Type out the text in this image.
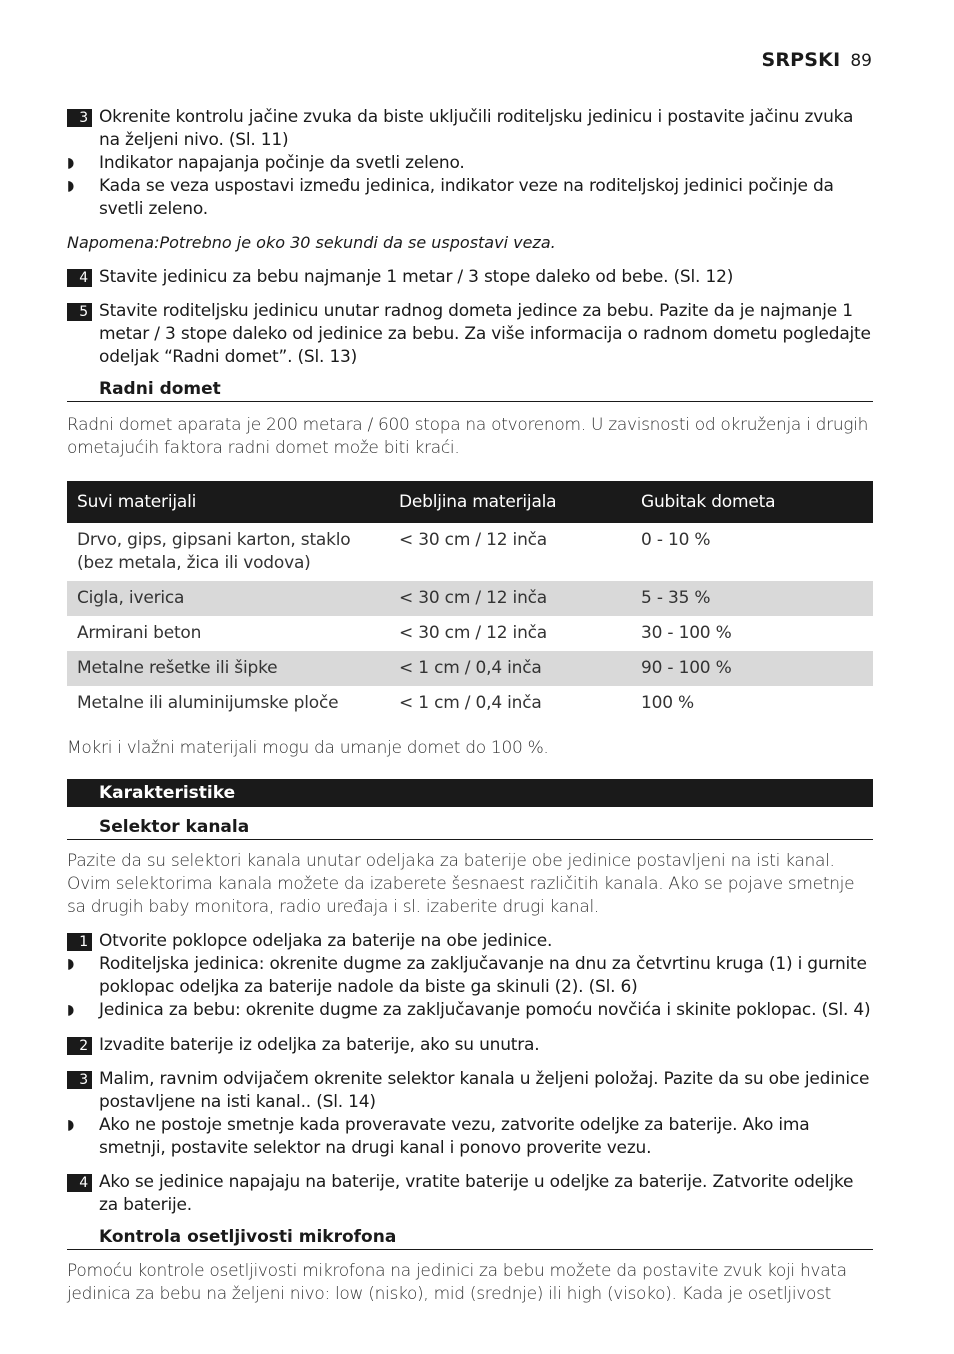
SRPSKI 89
3 Okrenite kontrolu jačine zvuka da biste uključili roditeljsku jedinicu i postavite jačinu zvuka na željeni nivo. (Sl. 11)
◗ Indikator napajanja počinje da svetli zeleno.
◗ Kada se veza uspostavi između jedinica, indikator veze na roditeljskoj jedinici počinje da svetli zeleno.
Napomena:Potrebno je oko 30 sekundi da se uspostavi veza.
4 Stavite jedinicu za bebu najmanje 1 metar / 3 stope daleko od bebe. (Sl. 12)
5 Stavite roditeljsku jedinicu unutar radnog dometa jedince za bebu. Pazite da je najmanje 1 metar / 3 stope daleko od jedinice za bebu. Za više informacija o radnom dometu pogledajte odeljak “Radni domet”. (Sl. 13)
Radni domet
Radni domet aparata je 200 metara / 600 stopa na otvorenom. U zavisnosti od okruženja i drugih ometajućih faktora radni domet može biti kraći.
Suvi materijali	Debljina materijala	Gubitak dometa
Drvo, gips, gipsani karton, staklo (bez metala, žica ili vodova)	< 30 cm / 12 inča	0 - 10 %
Cigla, iverica	< 30 cm / 12 inča	5 - 35 %
Armirani beton	< 30 cm / 12 inča	30 - 100 %
Metalne rešetke ili šipke	< 1 cm / 0,4 inča	90 - 100 %
Metalne ili aluminijumske ploče	< 1 cm / 0,4 inča	100 %
Mokri i vlažni materijali mogu da umanje domet do 100 %.
Karakteristike
Selektor kanala
Pazite da su selektori kanala unutar odeljaka za baterije obe jedinice postavljeni na isti kanal. Ovim selektorima kanala možete da izaberete šesnaest različitih kanala. Ako se pojave smetnje sa drugih baby monitora, radio uređaja i sl. izaberite drugi kanal.
1 Otvorite poklopce odeljaka za baterije na obe jedinice.
◗ Roditeljska jedinica: okrenite dugme za zaključavanje na dnu za četvrtinu kruga (1) i gurnite poklopac odeljka za baterije nadole da biste ga skinuli (2). (Sl. 6)
◗ Jedinica za bebu: okrenite dugme za zaključavanje pomoću novčića i skinite poklopac. (Sl. 4)
2 Izvadite baterije iz odeljka za baterije, ako su unutra.
3 Malim, ravnim odvijačem okrenite selektor kanala u željeni položaj. Pazite da su obe jedinice postavljene na isti kanal.. (Sl. 14)
◗ Ako ne postoje smetnje kada proveravate vezu, zatvorite odeljke za baterije. Ako ima smetnji, postavite selektor na drugi kanal i ponovo proverite vezu.
4 Ako se jedinice napajaju na baterije, vratite baterije u odeljke za baterije. Zatvorite odeljke za baterije.
Kontrola osetljivosti mikrofona
Pomoću kontrole osetljivosti mikrofona na jedinici za bebu možete da postavite zvuk koji hvata jedinica za bebu na željeni nivo: low (nisko), mid (srednje) ili high (visoko). Kada je osetljivost
